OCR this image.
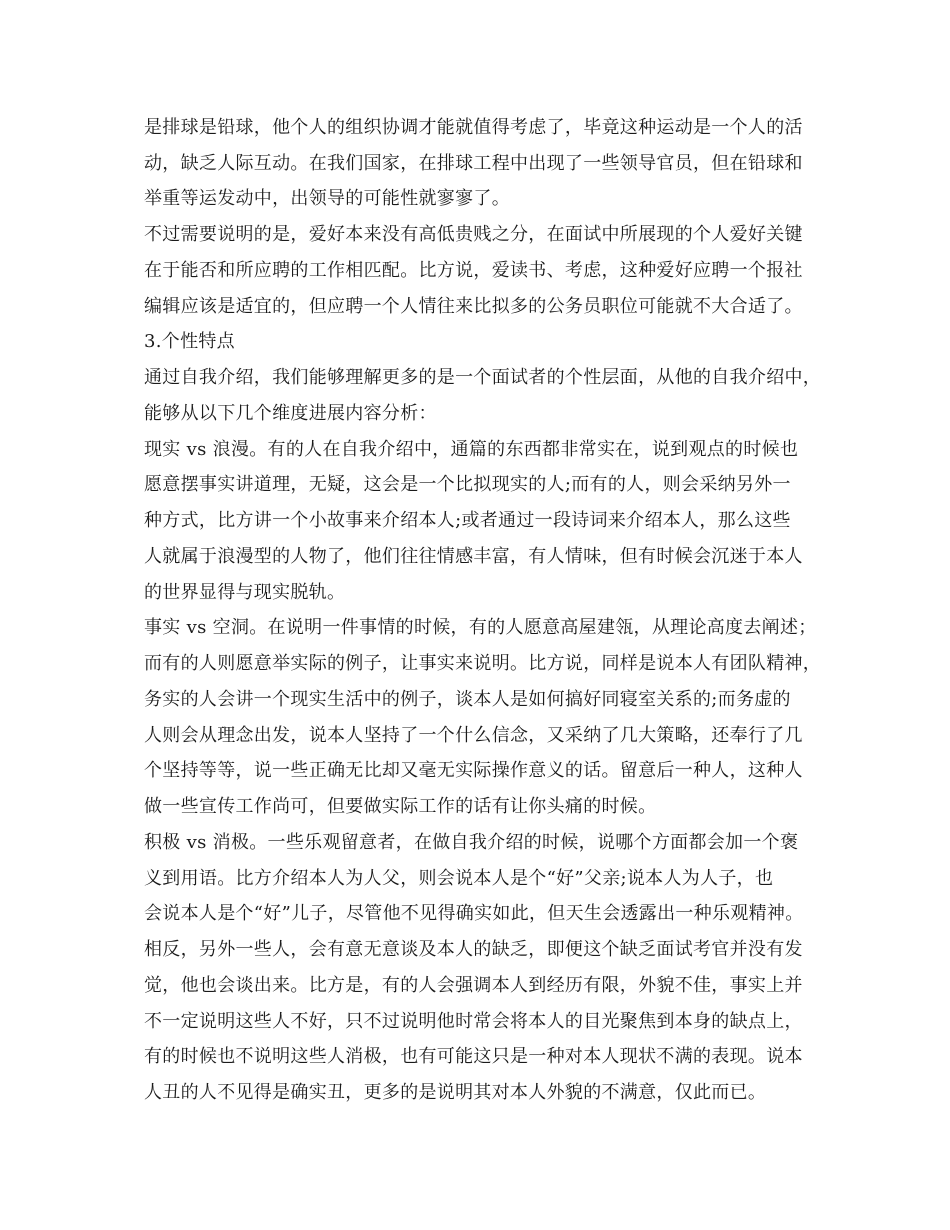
是排球是铅球，他个人的组织协调才能就值得考虑了，毕竟这种运动是一个人的活
动，缺乏人际互动。在我们国家，在排球工程中出现了一些领导官员，但在铅球和
举重等运发动中，出领导的可能性就寥寥了。
不过需要说明的是，爱好本来没有高低贵贱之分，在面试中所展现的个人爱好关键
在于能否和所应聘的工作相匹配。比方说，爱读书、考虑，这种爱好应聘一个报社
编辑应该是适宜的，但应聘一个人情往来比拟多的公务员职位可能就不大合适了。
3.个性特点
通过自我介绍，我们能够理解更多的是一个面试者的个性层面，从他的自我介绍中，
能够从以下几个维度进展内容分析：
现实 vs 浪漫。有的人在自我介绍中，通篇的东西都非常实在，说到观点的时候也
愿意摆事实讲道理，无疑，这会是一个比拟现实的人;而有的人，则会采纳另外一
种方式，比方讲一个小故事来介绍本人;或者通过一段诗词来介绍本人，那么这些
人就属于浪漫型的人物了，他们往往情感丰富，有人情味，但有时候会沉迷于本人
的世界显得与现实脱轨。
事实 vs 空洞。在说明一件事情的时候，有的人愿意高屋建瓴，从理论高度去阐述；
而有的人则愿意举实际的例子，让事实来说明。比方说，同样是说本人有团队精神，
务实的人会讲一个现实生活中的例子，谈本人是如何搞好同寝室关系的;而务虚的
人则会从理念出发，说本人坚持了一个什么信念，又采纳了几大策略，还奉行了几
个坚持等等，说一些正确无比却又毫无实际操作意义的话。留意后一种人，这种人
做一些宣传工作尚可，但要做实际工作的话有让你头痛的时候。
积极 vs 消极。一些乐观留意者，在做自我介绍的时候，说哪个方面都会加一个褒
义到用语。比方介绍本人为人父，则会说本人是个“好”父亲;说本人为人子，也
会说本人是个“好”儿子，尽管他不见得确实如此，但天生会透露出一种乐观精神。
相反，另外一些人，会有意无意谈及本人的缺乏，即便这个缺乏面试考官并没有发
觉，他也会谈出来。比方是，有的人会强调本人到经历有限，外貌不佳，事实上并
不一定说明这些人不好，只不过说明他时常会将本人的目光聚焦到本身的缺点上，
有的时候也不说明这些人消极，也有可能这只是一种对本人现状不满的表现。说本
人丑的人不见得是确实丑，更多的是说明其对本人外貌的不满意，仅此而已。
